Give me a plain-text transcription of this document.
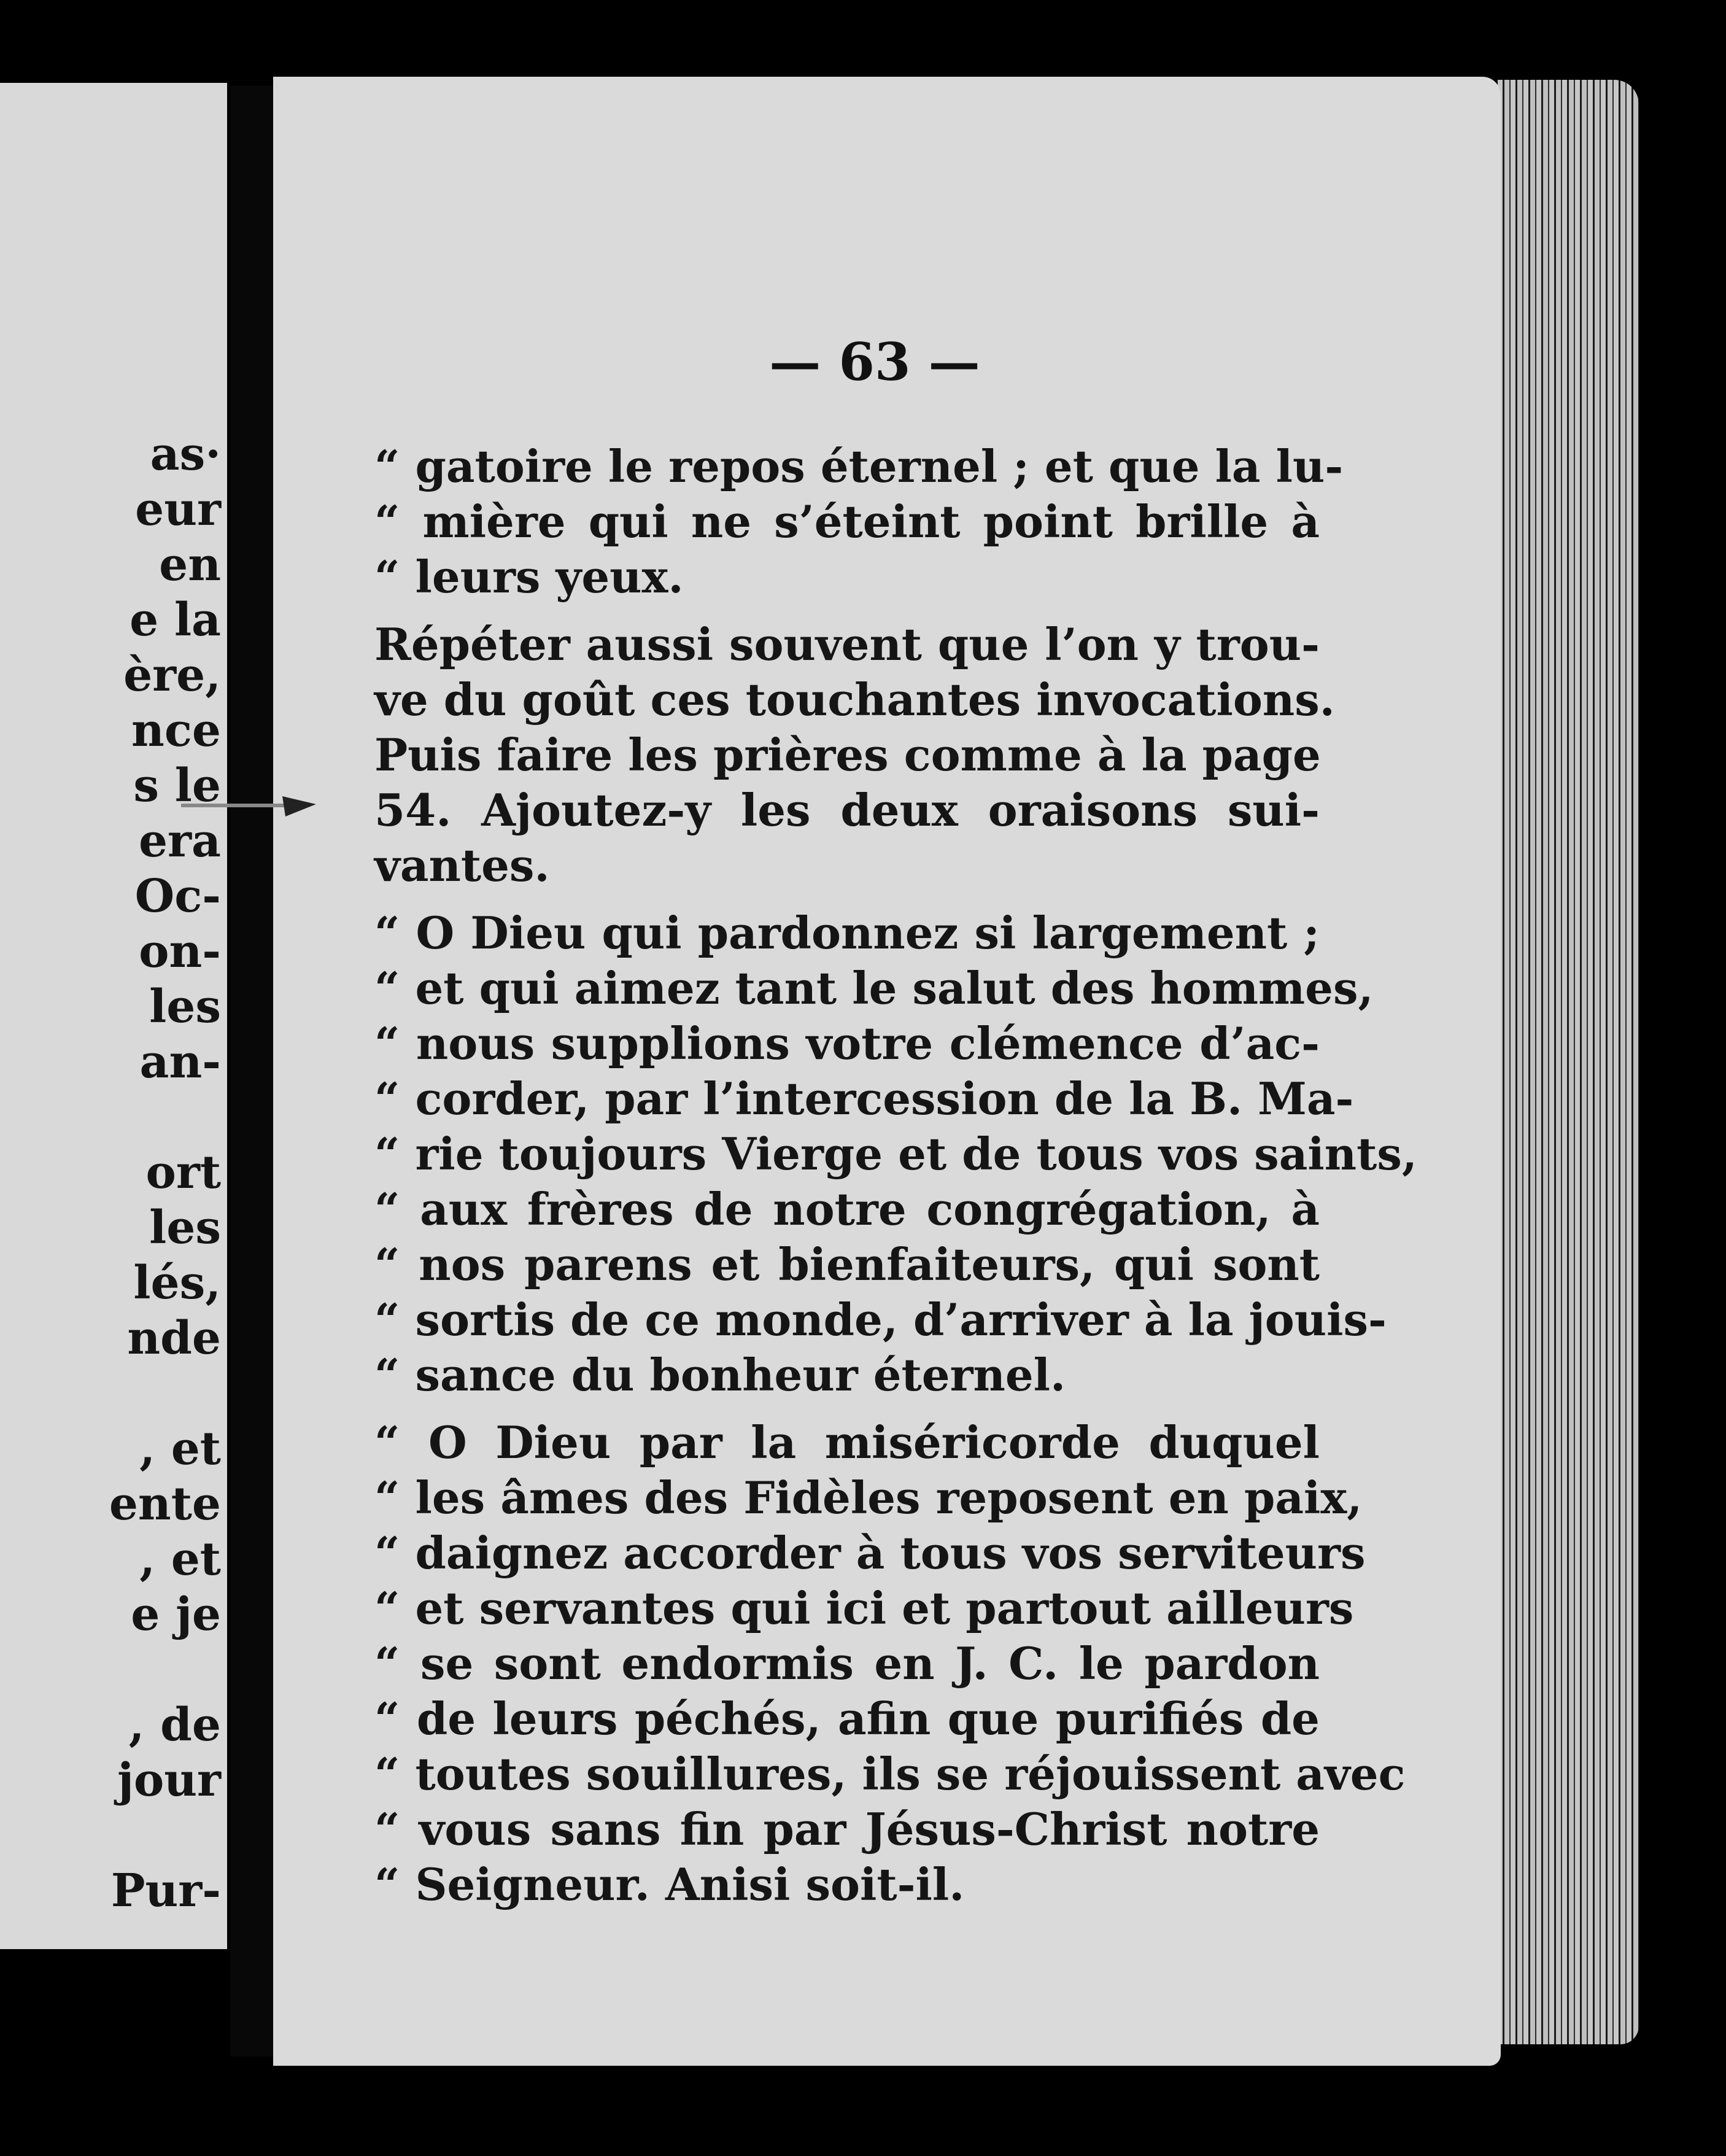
as·
eur
en
e la
ère,
nce
s le
era
Oc-
on-
les
an-
ort
les
lés,
nde
, et
ente
, et
e je
, de
jour
Pur-
— 63 —
“ gatoire le repos éternel ; et que la lu-
“ mière qui ne s’éteint point brille à
“ leurs yeux.
Répéter aussi souvent que l’on y trou-
ve du goût ces touchantes invocations.
Puis faire les prières comme à la page
54. Ajoutez-y les deux oraisons sui-
vantes.
“ O Dieu qui pardonnez si largement ;
“ et qui aimez tant le salut des hommes,
“ nous supplions votre clémence d’ac-
“ corder, par l’intercession de la B. Ma-
“ rie toujours Vierge et de tous vos saints,
“ aux frères de notre congrégation, à
“ nos parens et bienfaiteurs, qui sont
“ sortis de ce monde, d’arriver à la jouis-
“ sance du bonheur éternel.
“ O Dieu par la miséricorde duquel
“ les âmes des Fidèles reposent en paix,
“ daignez accorder à tous vos serviteurs
“ et servantes qui ici et partout ailleurs
“ se sont endormis en J. C. le pardon
“ de leurs péchés, afin que purifiés de
“ toutes souillures, ils se réjouissent avec
“ vous sans fin par Jésus-Christ notre
“ Seigneur. Anisi soit-il.
